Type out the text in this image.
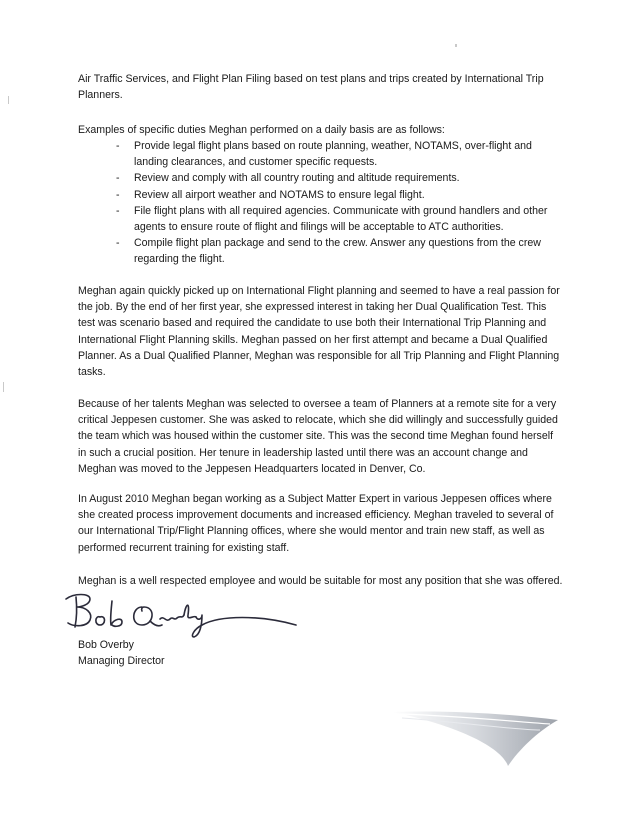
Air Traffic Services, and Flight Plan Filing based on test plans and trips created by International Trip Planners.

Examples of specific duties Meghan performed on a daily basis are as follows:

- Provide legal flight plans based on route planning, weather, NOTAMS, over-flight and landing clearances, and customer specific requests.
- Review and comply with all country routing and altitude requirements.
- Review all airport weather and NOTAMS to ensure legal flight.
- File flight plans with all required agencies. Communicate with ground handlers and other agents to ensure route of flight and filings will be acceptable to ATC authorities.
- Compile flight plan package and send to the crew. Answer any questions from the crew regarding the flight.

Meghan again quickly picked up on International Flight planning and seemed to have a real passion for the job. By the end of her first year, she expressed interest in taking her Dual Qualification Test. This test was scenario based and required the candidate to use both their International Trip Planning and International Flight Planning skills. Meghan passed on her first attempt and became a Dual Qualified Planner. As a Dual Qualified Planner, Meghan was responsible for all Trip Planning and Flight Planning tasks.

Because of her talents Meghan was selected to oversee a team of Planners at a remote site for a very critical Jeppesen customer. She was asked to relocate, which she did willingly and successfully guided the team which was housed within the customer site. This was the second time Meghan found herself in such a crucial position. Her tenure in leadership lasted until there was an account change and Meghan was moved to the Jeppesen Headquarters located in Denver, Co.

In August 2010 Meghan began working as a Subject Matter Expert in various Jeppesen offices where she created process improvement documents and increased efficiency. Meghan traveled to several of our International Trip/Flight Planning offices, where she would mentor and train new staff, as well as performed recurrent training for existing staff.

Meghan is a well respected employee and would be suitable for most any position that she was offered.

Bob Overby

Managing Director
